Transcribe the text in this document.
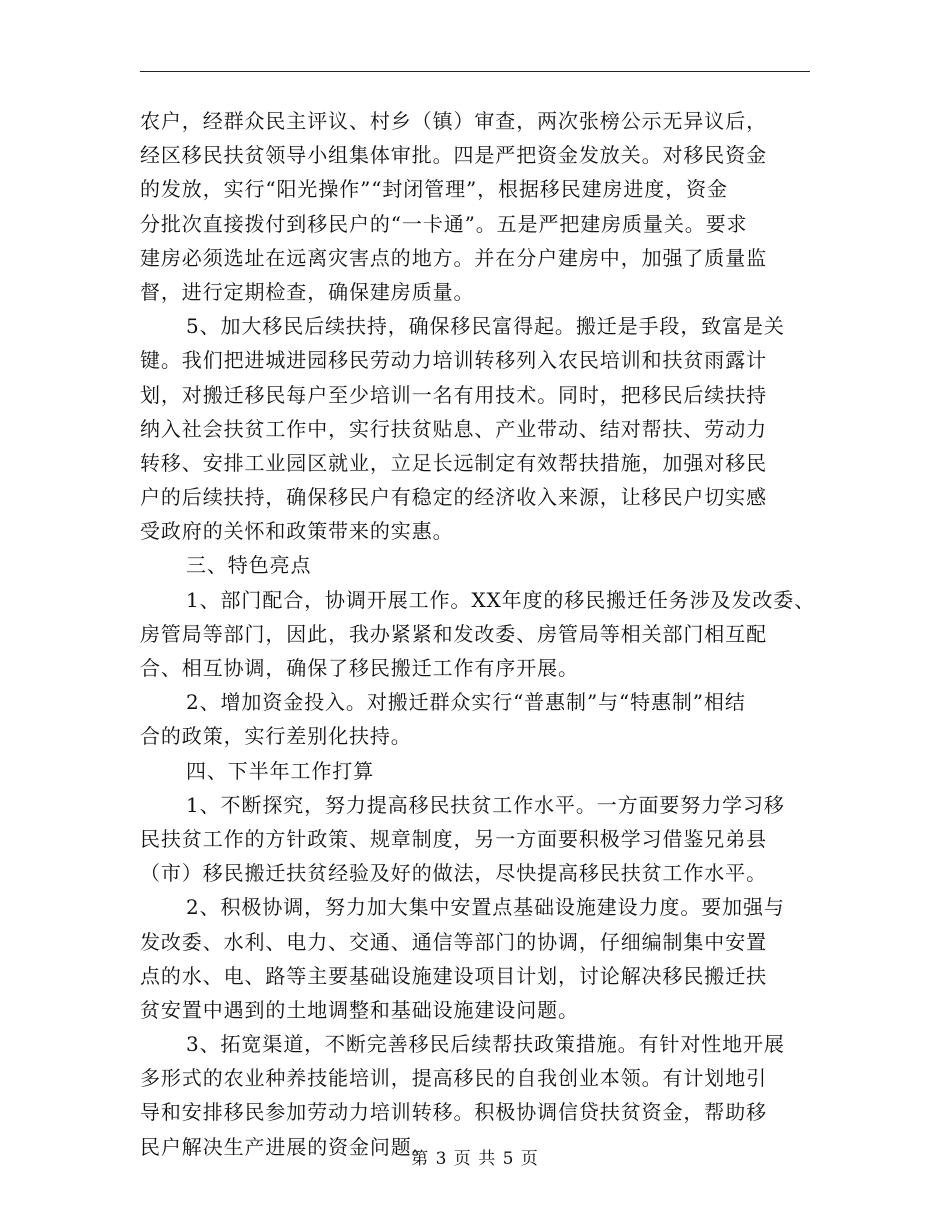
农户，经群众民主评议、村乡（镇）审查，两次张榜公示无异议后，
经区移民扶贫领导小组集体审批。四是严把资金发放关。对移民资金
的发放，实行“阳光操作”“封闭管理”，根据移民建房进度，资金
分批次直接拨付到移民户的“一卡通”。五是严把建房质量关。要求
建房必须选址在远离灾害点的地方。并在分户建房中，加强了质量监
督，进行定期检查，确保建房质量。
5、加大移民后续扶持，确保移民富得起。搬迁是手段，致富是关
键。我们把进城进园移民劳动力培训转移列入农民培训和扶贫雨露计
划，对搬迁移民每户至少培训一名有用技术。同时，把移民后续扶持
纳入社会扶贫工作中，实行扶贫贴息、产业带动、结对帮扶、劳动力
转移、安排工业园区就业，立足长远制定有效帮扶措施，加强对移民
户的后续扶持，确保移民户有稳定的经济收入来源，让移民户切实感
受政府的关怀和政策带来的实惠。
三、特色亮点
1、部门配合，协调开展工作。XX年度的移民搬迁任务涉及发改委、
房管局等部门，因此，我办紧紧和发改委、房管局等相关部门相互配
合、相互协调，确保了移民搬迁工作有序开展。
2、增加资金投入。对搬迁群众实行“普惠制”与“特惠制”相结
合的政策，实行差别化扶持。
四、下半年工作打算
1、不断探究，努力提高移民扶贫工作水平。一方面要努力学习移
民扶贫工作的方针政策、规章制度，另一方面要积极学习借鉴兄弟县
（市）移民搬迁扶贫经验及好的做法，尽快提高移民扶贫工作水平。
2、积极协调，努力加大集中安置点基础设施建设力度。要加强与
发改委、水利、电力、交通、通信等部门的协调，仔细编制集中安置
点的水、电、路等主要基础设施建设项目计划，讨论解决移民搬迁扶
贫安置中遇到的土地调整和基础设施建设问题。
3、拓宽渠道，不断完善移民后续帮扶政策措施。有针对性地开展
多形式的农业种养技能培训，提高移民的自我创业本领。有计划地引
导和安排移民参加劳动力培训转移。积极协调信贷扶贫资金，帮助移
民户解决生产进展的资金问题。
第 3 页 共 5 页
